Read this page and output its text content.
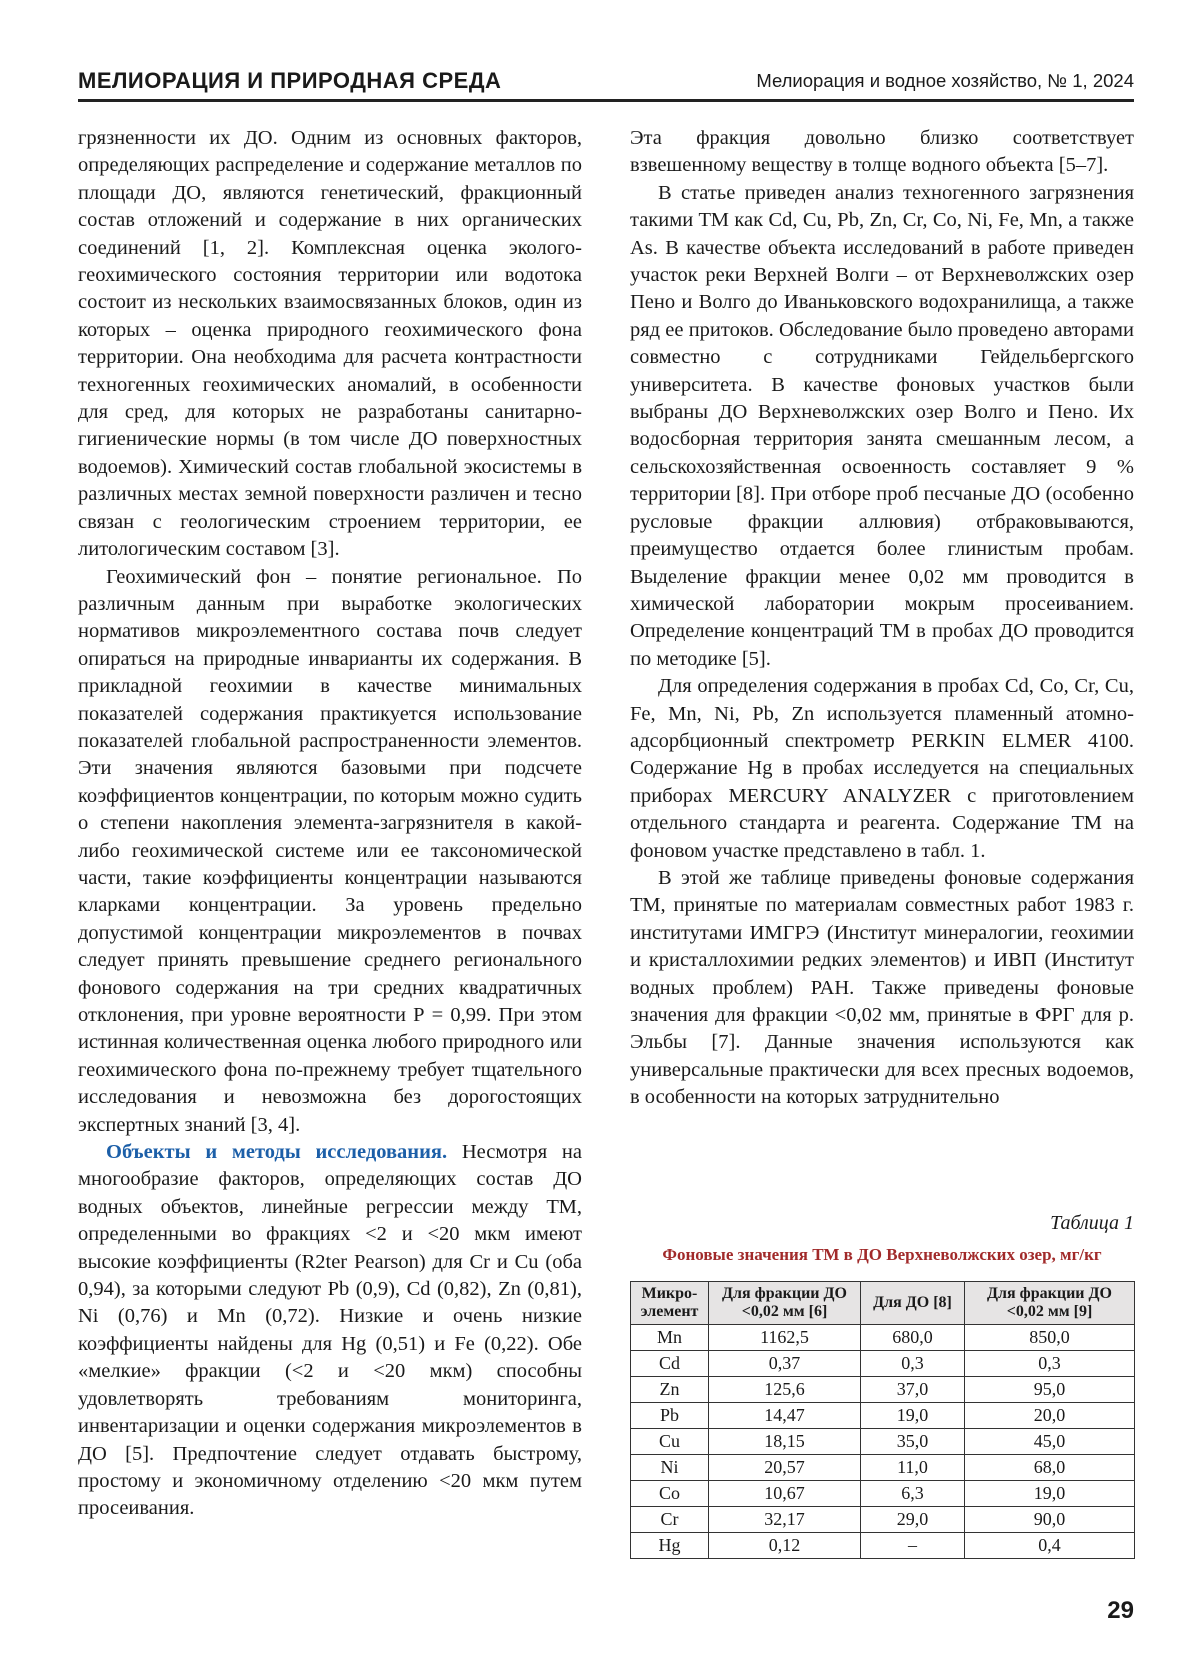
МЕЛИОРАЦИЯ И ПРИРОДНАЯ СРЕДА	Мелиорация и водное хозяйство, № 1, 2024

грязненности их ДО. Одним из основных факторов, определяющих распределение и содержание металлов по площади ДО, являются генетический, фракционный состав отложений и содержание в них органических соединений [1, 2]. Комплексная оценка эколого-геохимического состояния территории или водотока состоит из нескольких взаимосвязанных блоков, один из которых – оценка природного геохимического фона территории. Она необходима для расчета контрастности техногенных геохимических аномалий, в особенности для сред, для которых не разработаны санитарно-гигиенические нормы (в том числе ДО поверхностных водоемов). Химический состав глобальной экосистемы в различных местах земной поверхности различен и тесно связан с геологическим строением территории, ее литологическим составом [3].

Геохимический фон – понятие региональное. По различным данным при выработке экологических нормативов микроэлементного состава почв следует опираться на природные инварианты их содержания. В прикладной геохимии в качестве минимальных показателей содержания практикуется использование показателей глобальной распространенности элементов. Эти значения являются базовыми при подсчете коэффициентов концентрации, по которым можно судить о степени накопления элемента-загрязнителя в какой-либо геохимической системе или ее таксономической части, такие коэффициенты концентрации называются кларками концентрации. За уровень предельно допустимой концентрации микроэлементов в почвах следует принять превышение среднего регионального фонового содержания на три средних квадратичных отклонения, при уровне вероятности Р = 0,99. При этом истинная количественная оценка любого природного или геохимического фона по-прежнему требует тщательного исследования и невозможна без дорогостоящих экспертных знаний [3, 4].

Объекты и методы исследования. Несмотря на многообразие факторов, определяющих состав ДО водных объектов, линейные регрессии между ТМ, определенными во фракциях <2 и <20 мкм имеют высокие коэффициенты (R2ter Pearson) для Cr и Cu (оба 0,94), за которыми следуют Pb (0,9), Cd (0,82), Zn (0,81), Ni (0,76) и Mn (0,72). Низкие и очень низкие коэффициенты найдены для Hg (0,51) и Fe (0,22). Обе «мелкие» фракции (<2 и <20 мкм) способны удовлетворять требованиям мониторинга, инвентаризации и оценки содержания микроэлементов в ДО [5]. Предпочтение следует отдавать быстрому, простому и экономичному отделению <20 мкм путем просеивания.

Эта фракция довольно близко соответствует взвешенному веществу в толще водного объекта [5–7].

В статье приведен анализ техногенного загрязнения такими ТМ как Cd, Cu, Pb, Zn, Cr, Co, Ni, Fe, Mn, а также As. В качестве объекта исследований в работе приведен участок реки Верхней Волги – от Верхневолжских озер Пено и Волго до Иваньковского водохранилища, а также ряд ее притоков. Обследование было проведено авторами совместно с сотрудниками Гейдельбергского университета. В качестве фоновых участков были выбраны ДО Верхневолжских озер Волго и Пено. Их водосборная территория занята смешанным лесом, а сельскохозяйственная освоенность составляет 9 % территории [8]. При отборе проб песчаные ДО (особенно русловые фракции аллювия) отбраковываются, преимущество отдается более глинистым пробам. Выделение фракции менее 0,02 мм проводится в химической лаборатории мокрым просеиванием. Определение концентраций ТМ в пробах ДО проводится по методике [5].

Для определения содержания в пробах Cd, Co, Cr, Cu, Fe, Mn, Ni, Pb, Zn используется пламенный атомно-адсорбционный спектрометр PERKIN ELMER 4100. Содержание Hg в пробах исследуется на специальных приборах MERCURY ANALYZER с приготовлением отдельного стандарта и реагента. Содержание ТМ на фоновом участке представлено в табл. 1.

В этой же таблице приведены фоновые содержания ТМ, принятые по материалам совместных работ 1983 г. институтами ИМГРЭ (Институт минералогии, геохимии и кристаллохимии редких элементов) и ИВП (Институт водных проблем) РАН. Также приведены фоновые значения для фракции <0,02 мм, принятые в ФРГ для р. Эльбы [7]. Данные значения используются как универсальные практически для всех пресных водоемов, в особенности на которых затруднительно

Таблица 1
Фоновые значения ТМ в ДО Верхневолжских озер, мг/кг
Микро-элемент	Для фракции ДО <0,02 мм [6]	Для ДО [8]	Для фракции ДО <0,02 мм [9]
Mn	1162,5	680,0	850,0
Cd	0,37	0,3	0,3
Zn	125,6	37,0	95,0
Pb	14,47	19,0	20,0
Cu	18,15	35,0	45,0
Ni	20,57	11,0	68,0
Co	10,67	6,3	19,0
Cr	32,17	29,0	90,0
Hg	0,12	–	0,4
29
